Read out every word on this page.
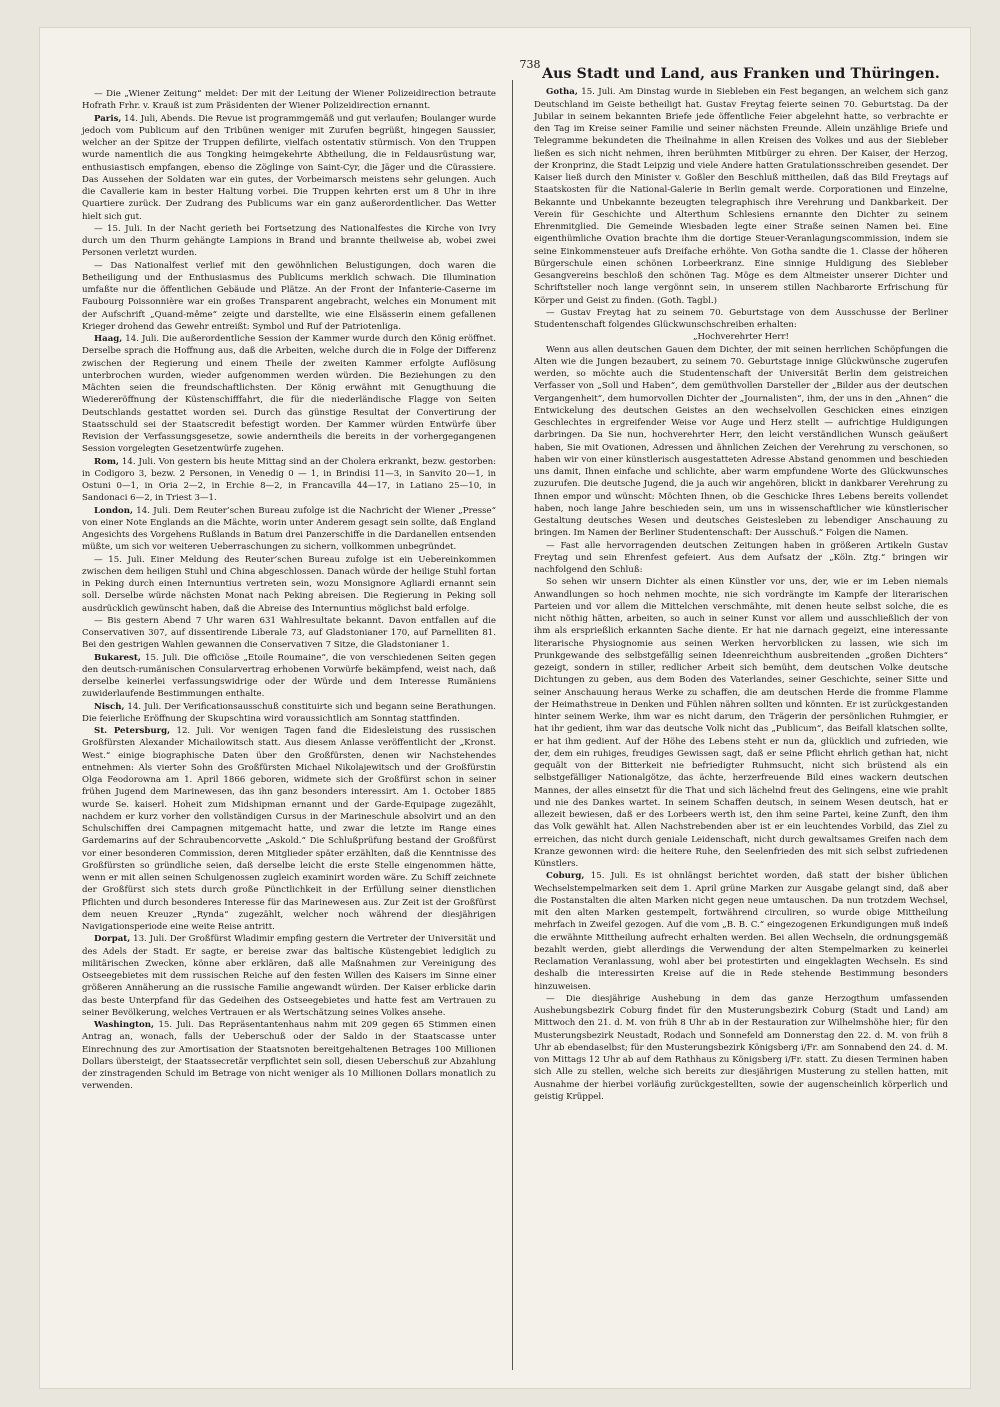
738

— Die „Wiener Zeitung“ meldet: Der mit der Leitung der Wiener Polizeidirection betraute Hofrath Frhr. v. Krauß ist zum Präsidenten der Wiener Polizeidirection ernannt.

Paris, 14. Juli, Abends. Die Revue ist programmgemäß und gut verlaufen; Boulanger wurde jedoch vom Publicum auf den Tribünen weniger mit Zurufen begrüßt, hingegen Saussier, welcher an der Spitze der Truppen defilirte, vielfach ostentativ stürmisch. Von den Truppen wurde namentlich die aus Tongking heimgekehrte Abtheilung, die in Feldausrüstung war, enthusiastisch empfangen, ebenso die Zöglinge von Saint-Cyr, die Jäger und die Cürassiere. Das Aussehen der Soldaten war ein gutes, der Vorbeimarsch meistens sehr gelungen. Auch die Cavallerie kam in bester Haltung vorbei. Die Truppen kehrten erst um 8 Uhr in ihre Quartiere zurück. Der Zudrang des Publicums war ein ganz außerordentlicher. Das Wetter hielt sich gut.

— 15. Juli. In der Nacht gerieth bei Fortsetzung des Nationalfestes die Kirche von Ivry durch um den Thurm gehängte Lampions in Brand und brannte theilweise ab, wobei zwei Personen verletzt wurden.

— Das Nationalfest verlief mit den gewöhnlichen Belustigungen, doch waren die Betheiligung und der Enthusiasmus des Publicums merklich schwach. Die Illumination umfaßte nur die öffentlichen Gebäude und Plätze. An der Front der Infanterie-Caserne im Faubourg Poissonnière war ein großes Transparent angebracht, welches ein Monument mit der Aufschrift „Quand-même“ zeigte und darstellte, wie eine Elsässerin einem gefallenen Krieger drohend das Gewehr entreißt: Symbol und Ruf der Patriotenliga.

Haag, 14. Juli. Die außerordentliche Session der Kammer wurde durch den König eröffnet. Derselbe sprach die Hoffnung aus, daß die Arbeiten, welche durch die in Folge der Differenz zwischen der Regierung und einem Theile der zweiten Kammer erfolgte Auflösung unterbrochen wurden, wieder aufgenommen werden würden. Die Beziehungen zu den Mächten seien die freundschaftlichsten. Der König erwähnt mit Genugthuung die Wiedereröffnung der Küstenschifffahrt, die für die niederländische Flagge von Seiten Deutschlands gestattet worden sei. Durch das günstige Resultat der Convertirung der Staatsschuld sei der Staatscredit befestigt worden. Der Kammer würden Entwürfe über Revision der Verfassungsgesetze, sowie anderntheils die bereits in der vorhergegangenen Session vorgelegten Gesetzentwürfe zugehen.

Rom, 14. Juli. Von gestern bis heute Mittag sind an der Cholera erkrankt, bezw. gestorben: in Codigoro 3, bezw. 2 Personen, in Venedig 0 — 1, in Brindisi 11—3, in Sanvito 20—1, in Ostuni 0—1, in Oria 2—2, in Erchie 8—2, in Francavilla 44—17, in Latiano 25—10, in Sandonaci 6—2, in Triest 3—1.

London, 14. Juli. Dem Reuter’schen Bureau zufolge ist die Nachricht der Wiener „Presse“ von einer Note Englands an die Mächte, worin unter Anderem gesagt sein sollte, daß England Angesichts des Vorgehens Rußlands in Batum drei Panzerschiffe in die Dardanellen entsenden müßte, um sich vor weiteren Ueberraschungen zu sichern, vollkommen unbegründet.

— 15. Juli. Einer Meldung des Reuter’schen Bureau zufolge ist ein Uebereinkommen zwischen dem heiligen Stuhl und China abgeschlossen. Danach würde der heilige Stuhl fortan in Peking durch einen Internuntius vertreten sein, wozu Monsignore Agliardi ernannt sein soll. Derselbe würde nächsten Monat nach Peking abreisen. Die Regierung in Peking soll ausdrücklich gewünscht haben, daß die Abreise des Internuntius möglichst bald erfolge.

— Bis gestern Abend 7 Uhr waren 631 Wahlresultate bekannt. Davon entfallen auf die Conservativen 307, auf dissentirende Liberale 73, auf Gladstonianer 170, auf Parnelliten 81. Bei den gestrigen Wahlen gewannen die Conservativen 7 Sitze, die Gladstonianer 1.

Bukarest, 15. Juli. Die officiöse „Etoile Roumaine“, die von verschiedenen Seiten gegen den deutsch-rumänischen Consularvertrag erhobenen Vorwürfe bekämpfend, weist nach, daß derselbe keinerlei verfassungswidrige oder der Würde und dem Interesse Rumäniens zuwiderlaufende Bestimmungen enthalte.

Nisch, 14. Juli. Der Verificationsausschuß constituirte sich und begann seine Berathungen. Die feierliche Eröffnung der Skupschtina wird voraussichtlich am Sonntag stattfinden.

St. Petersburg, 12. Juli. Vor wenigen Tagen fand die Eidesleistung des russischen Großfürsten Alexander Michailowitsch statt. Aus diesem Anlasse veröffentlicht der „Kronst. West.“ einige biographische Daten über den Großfürsten, denen wir Nachstehendes entnehmen: Als vierter Sohn des Großfürsten Michael Nikolajewitsch und der Großfürstin Olga Feodorowna am 1. April 1866 geboren, widmete sich der Großfürst schon in seiner frühen Jugend dem Marinewesen, das ihn ganz besonders interessirt. Am 1. October 1885 wurde Se. kaiserl. Hoheit zum Midshipman ernannt und der Garde-Equipage zugezählt, nachdem er kurz vorher den vollständigen Cursus in der Marineschule absolvirt und an den Schulschiffen drei Campagnen mitgemacht hatte, und zwar die letzte im Range eines Gardemarins auf der Schraubencorvette „Askold.“ Die Schlußprüfung bestand der Großfürst vor einer besonderen Commission, deren Mitglieder später erzählten, daß die Kenntnisse des Großfürsten so gründliche seien, daß derselbe leicht die erste Stelle eingenommen hätte, wenn er mit allen seinen Schulgenossen zugleich examinirt worden wäre. Zu Schiff zeichnete der Großfürst sich stets durch große Pünctlichkeit in der Erfüllung seiner dienstlichen Pflichten und durch besonderes Interesse für das Marinewesen aus. Zur Zeit ist der Großfürst dem neuen Kreuzer „Rynda“ zugezählt, welcher noch während der diesjährigen Navigationsperiode eine weite Reise antritt.

Dorpat, 13. Juli. Der Großfürst Wladimir empfing gestern die Vertreter der Universität und des Adels der Stadt. Er sagte, er bereise zwar das baltische Küstengebiet lediglich zu militärischen Zwecken, könne aber erklären, daß alle Maßnahmen zur Vereinigung des Ostseegebietes mit dem russischen Reiche auf den festen Willen des Kaisers im Sinne einer größeren Annäherung an die russische Familie angewandt würden. Der Kaiser erblicke darin das beste Unterpfand für das Gedeihen des Ostseegebietes und hatte fest am Vertrauen zu seiner Bevölkerung, welches Vertrauen er als Wertschätzung seines Volkes ansehe.

Washington, 15. Juli. Das Repräsentantenhaus nahm mit 209 gegen 65 Stimmen einen Antrag an, wonach, falls der Ueberschuß oder der Saldo in der Staatscasse unter Einrechnung des zur Amortisation der Staatsnoten bereitgehaltenen Betrages 100 Millionen Dollars übersteigt, der Staatssecretär verpflichtet sein soll, diesen Ueberschuß zur Abzahlung der zinstragenden Schuld im Betrage von nicht weniger als 10 Millionen Dollars monatlich zu verwenden.

Aus Stadt und Land, aus Franken und Thüringen.

Gotha, 15. Juli. Am Dinstag wurde in Siebleben ein Fest begangen, an welchem sich ganz Deutschland im Geiste betheiligt hat. Gustav Freytag feierte seinen 70. Geburtstag. Da der Jubilar in seinem bekannten Briefe jede öffentliche Feier abgelehnt hatte, so verbrachte er den Tag im Kreise seiner Familie und seiner nächsten Freunde. Allein unzählige Briefe und Telegramme bekundeten die Theilnahme in allen Kreisen des Volkes und aus der Siebleber ließen es sich nicht nehmen, ihren berühmten Mitbürger zu ehren. Der Kaiser, der Herzog, der Kronprinz, die Stadt Leipzig und viele Andere hatten Gratulationsschreiben gesendet. Der Kaiser ließ durch den Minister v. Goßler den Beschluß mittheilen, daß das Bild Freytags auf Staatskosten für die National-Galerie in Berlin gemalt werde. Corporationen und Einzelne, Bekannte und Unbekannte bezeugten telegraphisch ihre Verehrung und Dankbarkeit. Der Verein für Geschichte und Alterthum Schlesiens ernannte den Dichter zu seinem Ehrenmitglied. Die Gemeinde Wiesbaden legte einer Straße seinen Namen bei. Eine eigenthümliche Ovation brachte ihm die dortige Steuer-Veranlagungscommission, indem sie seine Einkommensteuer aufs Dreifache erhöhte. Von Gotha sandte die 1. Classe der höheren Bürgerschule einen schönen Lorbeerkranz. Eine sinnige Huldigung des Siebleber Gesangvereins beschloß den schönen Tag. Möge es dem Altmeister unserer Dichter und Schriftsteller noch lange vergönnt sein, in unserem stillen Nachbarorte Erfrischung für Körper und Geist zu finden. (Goth. Tagbl.)

— Gustav Freytag hat zu seinem 70. Geburtstage von dem Ausschusse der Berliner Studentenschaft folgendes Glückwunschschreiben erhalten:

„Hochverehrter Herr!

Wenn aus allen deutschen Gauen dem Dichter, der mit seinen herrlichen Schöpfungen die Alten wie die Jungen bezaubert, zu seinem 70. Geburtstage innige Glückwünsche zugerufen werden, so möchte auch die Studentenschaft der Universität Berlin dem geistreichen Verfasser von „Soll und Haben“, dem gemüthvollen Darsteller der „Bilder aus der deutschen Vergangenheit“, dem humorvollen Dichter der „Journalisten“, ihm, der uns in den „Ahnen“ die Entwickelung des deutschen Geistes an den wechselvollen Geschicken eines einzigen Geschlechtes in ergreifender Weise vor Auge und Herz stellt — aufrichtige Huldigungen darbringen. Da Sie nun, hochverehrter Herr, den leicht verständlichen Wunsch geäußert haben, Sie mit Ovationen, Adressen und ähnlichen Zeichen der Verehrung zu verschonen, so haben wir von einer künstlerisch ausgestatteten Adresse Abstand genommen und beschieden uns damit, Ihnen einfache und schlichte, aber warm empfundene Worte des Glückwunsches zuzurufen. Die deutsche Jugend, die ja auch wir angehören, blickt in dankbarer Verehrung zu Ihnen empor und wünscht: Möchten Ihnen, ob die Geschicke Ihres Lebens bereits vollendet haben, noch lange Jahre beschieden sein, um uns in wissenschaftlicher wie künstlerischer Gestaltung deutsches Wesen und deutsches Geistesleben zu lebendiger Anschauung zu bringen. Im Namen der Berliner Studentenschaft: Der Ausschuß.“ Folgen die Namen.

— Fast alle hervorragenden deutschen Zeitungen haben in größeren Artikeln Gustav Freytag und sein Ehrenfest gefeiert. Aus dem Aufsatz der „Köln. Ztg.“ bringen wir nachfolgend den Schluß:

So sehen wir unsern Dichter als einen Künstler vor uns, der, wie er im Leben niemals Anwandlungen so hoch nehmen mochte, nie sich vordrängte im Kampfe der literarischen Parteien und vor allem die Mittelchen verschmähte, mit denen heute selbst solche, die es nicht nöthig hätten, arbeiten, so auch in seiner Kunst vor allem und ausschließlich der von ihm als ersprießlich erkannten Sache diente. Er hat nie darnach gegeizt, eine interessante literarische Physiognomie aus seinen Werken hervorblicken zu lassen, wie sich im Prunkgewande des selbstgefällig seinen Ideenreichthum ausbreitenden „großen Dichters“ gezeigt, sondern in stiller, redlicher Arbeit sich bemüht, dem deutschen Volke deutsche Dichtungen zu geben, aus dem Boden des Vaterlandes, seiner Geschichte, seiner Sitte und seiner Anschauung heraus Werke zu schaffen, die am deutschen Herde die fromme Flamme der Heimathstreue in Denken und Fühlen nähren sollten und könnten. Er ist zurückgestanden hinter seinem Werke, ihm war es nicht darum, den Trägerin der persönlichen Ruhmgier, er hat ihr gedient, ihm war das deutsche Volk nicht das „Publicum“, das Beifall klatschen sollte, er hat ihm gedient. Auf der Höhe des Lebens steht er nun da, glücklich und zufrieden, wie der, dem ein ruhiges, freudiges Gewissen sagt, daß er seine Pflicht ehrlich gethan hat, nicht gequält von der Bitterkeit nie befriedigter Ruhmsucht, nicht sich brüstend als ein selbstgefälliger Nationalgötze, das ächte, herzerfreuende Bild eines wackern deutschen Mannes, der alles einsetzt für die That und sich lächelnd freut des Gelingens, eine wie prahlt und nie des Dankes wartet. In seinem Schaffen deutsch, in seinem Wesen deutsch, hat er allezeit bewiesen, daß er des Lorbeers werth ist, den ihm seine Partei, keine Zunft, den ihm das Volk gewählt hat. Allen Nachstrebenden aber ist er ein leuchtendes Vorbild, das Ziel zu erreichen, das nicht durch geniale Leidenschaft, nicht durch gewaltsames Greifen nach dem Kranze gewonnen wird: die heitere Ruhe, den Seelenfrieden des mit sich selbst zufriedenen Künstlers.

Coburg, 15. Juli. Es ist ohnlängst berichtet worden, daß statt der bisher üblichen Wechselstempelmarken seit dem 1. April grüne Marken zur Ausgabe gelangt sind, daß aber die Postanstalten die alten Marken nicht gegen neue umtauschen. Da nun trotzdem Wechsel, mit den alten Marken gestempelt, fortwährend circuliren, so wurde obige Mittheilung mehrfach in Zweifel gezogen. Auf die vom „B. B. C.“ eingezogenen Erkundigungen muß indeß die erwähnte Mittheilung aufrecht erhalten werden. Bei allen Wechseln, die ordnungsgemäß bezahlt werden, giebt allerdings die Verwendung der alten Stempelmarken zu keinerlei Reclamation Veranlassung, wohl aber bei protestirten und eingeklagten Wechseln. Es sind deshalb die interessirten Kreise auf die in Rede stehende Bestimmung besonders hinzuweisen.

— Die diesjährige Aushebung in dem das ganze Herzogthum umfassenden Aushebungsbezirk Coburg findet für den Musterungsbezirk Coburg (Stadt und Land) am Mittwoch den 21. d. M. von früh 8 Uhr ab in der Restauration zur Wilhelmshöhe hier; für den Musterungsbezirk Neustadt, Rodach und Sonnefeld am Donnerstag den 22. d. M. von früh 8 Uhr ab ebendaselbst; für den Musterungsbezirk Königsberg i/Fr. am Sonnabend den 24. d. M. von Mittags 12 Uhr ab auf dem Rathhaus zu Königsberg i/Fr. statt. Zu diesen Terminen haben sich Alle zu stellen, welche sich bereits zur diesjährigen Musterung zu stellen hatten, mit Ausnahme der hierbei vorläufig zurückgestellten, sowie der augenscheinlich körperlich und geistig Krüppel.
